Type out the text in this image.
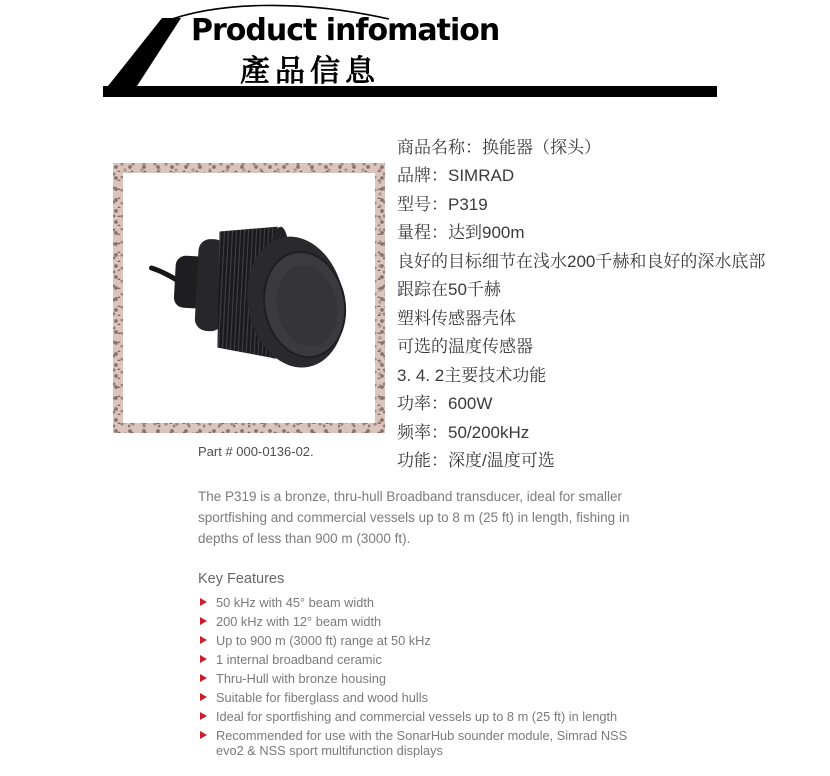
Product infomation
產品信息
商品名称：换能器（探头）
品牌：SIMRAD
型号：P319
量程：达到900m
良好的目标细节在浅水200千赫和良好的深水底部
跟踪在50千赫
塑料传感器壳体
可选的温度传感器
3. 4. 2主要技术功能
功率：600W
频率：50/200kHz
功能：深度/温度可选
Part # 000-0136-02.

The P319 is a bronze, thru-hull Broadband transducer, ideal for smaller sportfishing and commercial vessels up to 8 m (25 ft) in length, fishing in depths of less than 900 m (3000 ft).

Key Features
50 kHz with 45° beam width
200 kHz with 12° beam width
Up to 900 m (3000 ft) range at 50 kHz
1 internal broadband ceramic
Thru-Hull with bronze housing
Suitable for fiberglass and wood hulls
Ideal for sportfishing and commercial vessels up to 8 m (25 ft) in length
Recommended for use with the SonarHub sounder module, Simrad NSS evo2 & NSS sport multifunction displays
